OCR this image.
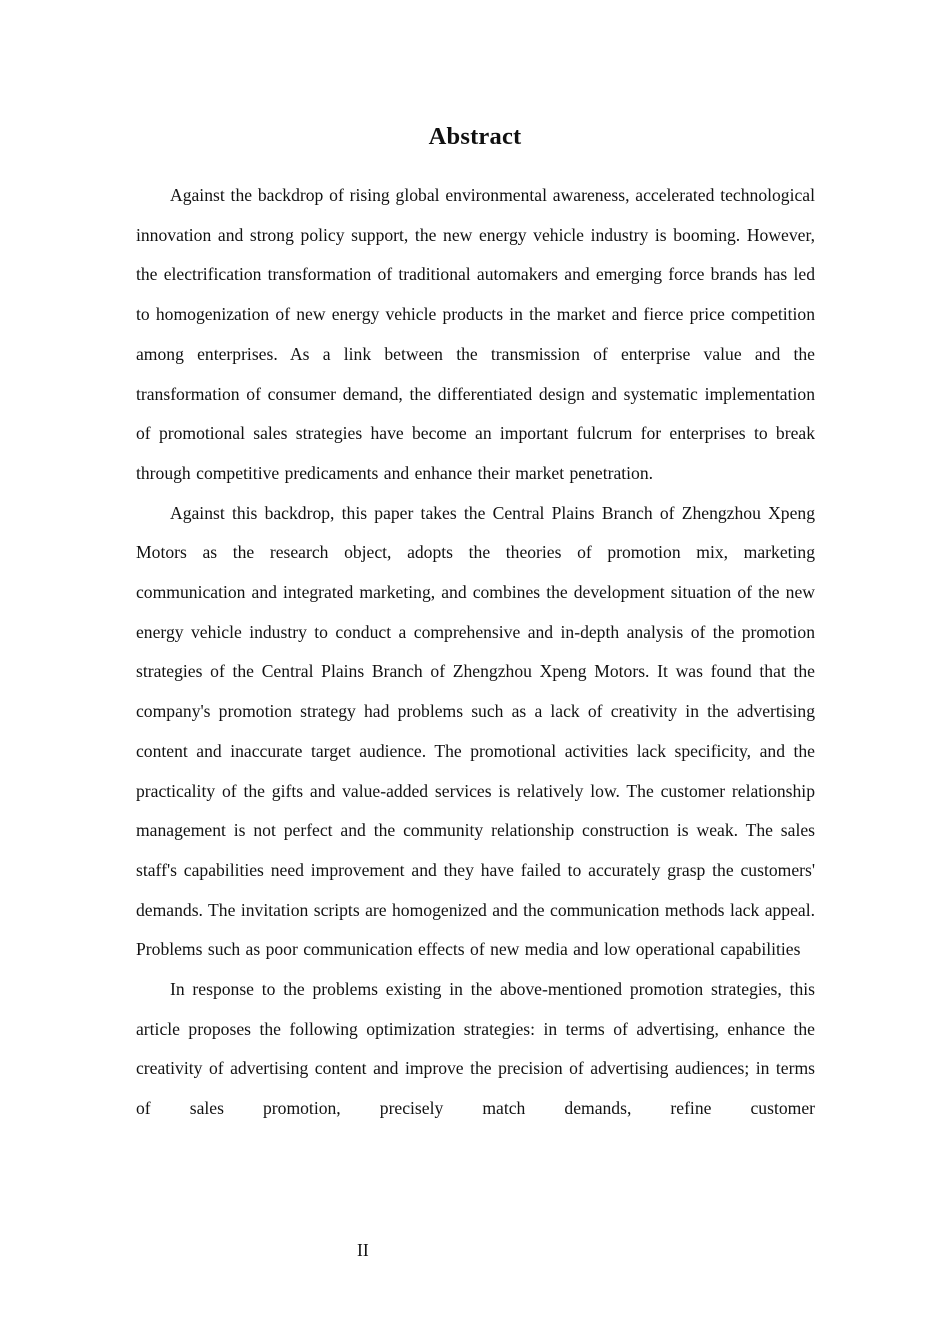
Abstract

Against the backdrop of rising global environmental awareness, accelerated technological innovation and strong policy support, the new energy vehicle industry is booming. However, the electrification transformation of traditional automakers and emerging force brands has led to homogenization of new energy vehicle products in the market and fierce price competition among enterprises. As a link between the transmission of enterprise value and the transformation of consumer demand, the differentiated design and systematic implementation of promotional sales strategies have become an important fulcrum for enterprises to break through competitive predicaments and enhance their market penetration.

Against this backdrop, this paper takes the Central Plains Branch of Zhengzhou Xpeng Motors as the research object, adopts the theories of promotion mix, marketing communication and integrated marketing, and combines the development situation of the new energy vehicle industry to conduct a comprehensive and in-depth analysis of the promotion strategies of the Central Plains Branch of Zhengzhou Xpeng Motors. It was found that the company's promotion strategy had problems such as a lack of creativity in the advertising content and inaccurate target audience. The promotional activities lack specificity, and the practicality of the gifts and value-added services is relatively low. The customer relationship management is not perfect and the community relationship construction is weak. The sales staff's capabilities need improvement and they have failed to accurately grasp the customers' demands. The invitation scripts are homogenized and the communication methods lack appeal. Problems such as poor communication effects of new media and low operational capabilities

In response to the problems existing in the above-mentioned promotion strategies, this article proposes the following optimization strategies: in terms of advertising, enhance the creativity of advertising content and improve the precision of advertising audiences; in terms of sales promotion, precisely match demands, refine customer

II
